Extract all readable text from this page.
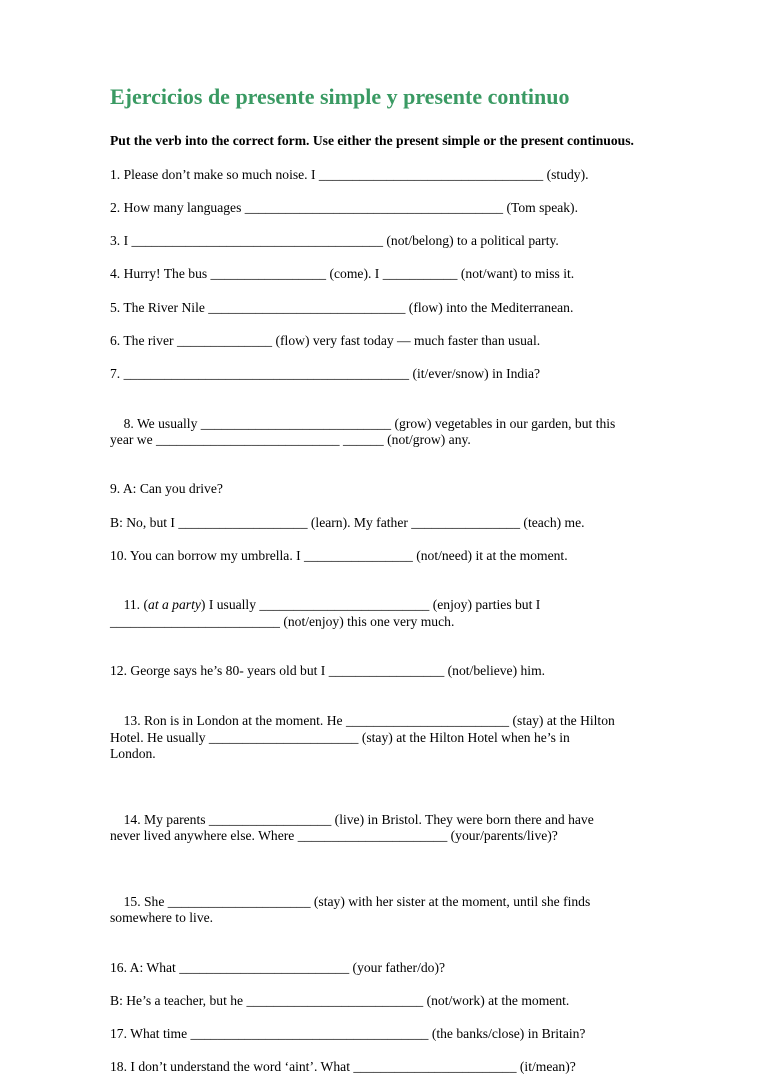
Ejercicios de presente simple y presente continuo

Put the verb into the correct form. Use either the present simple or the present continuous.

1. Please don’t make so much noise. I _________________________________ (study).

2. How many languages ______________________________________ (Tom speak).

3. I _____________________________________ (not/belong) to a political party.

4. Hurry! The bus _________________ (come). I ___________ (not/want) to miss it.

5. The River Nile _____________________________ (flow) into the Mediterranean.

6. The river ______________ (flow) very fast today — much faster than usual.

7. __________________________________________ (it/ever/snow) in India?

8. We usually ____________________________ (grow) vegetables in our garden, but this
year we ___________________________ ______ (not/grow) any.

9. A: Can you drive?

B: No, but I ___________________ (learn). My father ________________ (teach) me.

10. You can borrow my umbrella. I ________________ (not/need) it at the moment.

11. (at a party) I usually _________________________ (enjoy) parties but I
_________________________ (not/enjoy) this one very much.

12. George says he’s 80- years old but I _________________ (not/believe) him.

13. Ron is in London at the moment. He ________________________ (stay) at the Hilton
Hotel. He usually ______________________ (stay) at the Hilton Hotel when he’s in
London.

14. My parents __________________ (live) in Bristol. They were born there and have
never lived anywhere else. Where ______________________ (your/parents/live)?

15. She _____________________ (stay) with her sister at the moment, until she finds
somewhere to live.

16. A: What _________________________ (your father/do)?

B: He’s a teacher, but he __________________________ (not/work) at the moment.

17. What time ___________________________________ (the banks/close) in Britain?

18. I don’t understand the word ‘aint’. What ________________________ (it/mean)?
